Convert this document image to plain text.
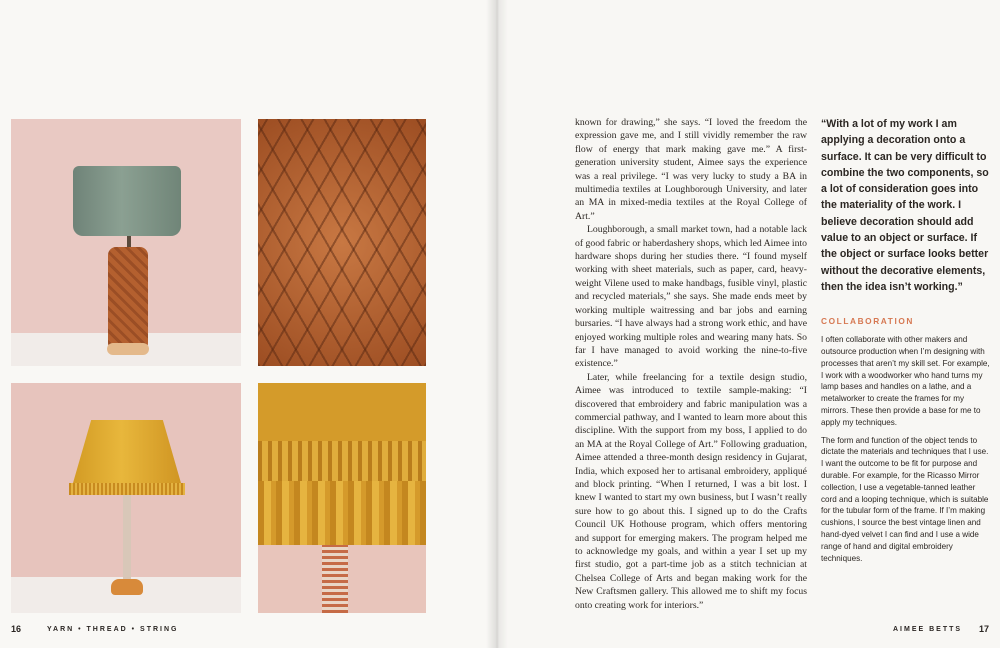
16	YARN • THREAD • STRING

known for drawing,” she says. “I loved the freedom the expression gave me, and I still vividly remember the raw flow of energy that mark making gave me.” A first-generation university student, Aimee says the experience was a real privilege. “I was very lucky to study a BA in multimedia textiles at Loughborough University, and later an MA in mixed-media textiles at the Royal College of Art.”

Loughborough, a small market town, had a notable lack of good fabric or haberdashery shops, which led Aimee into hardware shops during her studies there. “I found myself working with sheet materials, such as paper, card, heavy-weight Vilene used to make handbags, fusible vinyl, plastic and recycled materials,” she says. She made ends meet by working multiple waitressing and bar jobs and earning bursaries. “I have always had a strong work ethic, and have enjoyed working multiple roles and wearing many hats. So far I have managed to avoid working the nine-to-five existence.”

Later, while freelancing for a textile design studio, Aimee was introduced to textile sample-making: “I discovered that embroidery and fabric manipulation was a commercial pathway, and I wanted to learn more about this discipline. With the support from my boss, I applied to do an MA at the Royal College of Art.” Following graduation, Aimee attended a three-month design residency in Gujarat, India, which exposed her to artisanal embroidery, appliqué and block printing. “When I returned, I was a bit lost. I knew I wanted to start my own business, but I wasn’t really sure how to go about this. I signed up to do the Crafts Council UK Hothouse program, which offers mentoring and support for emerging makers. The program helped me to acknowledge my goals, and within a year I set up my first studio, got a part-time job as a stitch technician at Chelsea College of Arts and began making work for the New Craftsmen gallery. This allowed me to shift my focus onto creating work for interiors.”

“With a lot of my work I am applying a decoration onto a surface. It can be very difficult to combine the two components, so a lot of consideration goes into the materiality of the work. I believe decoration should add value to an object or surface. If the object or surface looks better without the decorative elements, then the idea isn’t working.”

COLLABORATION

I often collaborate with other makers and outsource production when I’m designing with processes that aren’t my skill set. For example, I work with a woodworker who hand turns my lamp bases and handles on a lathe, and a metalworker to create the frames for my mirrors. These then provide a base for me to apply my techniques.

The form and function of the object tends to dictate the materials and techniques that I use. I want the outcome to be fit for purpose and durable. For example, for the Ricasso Mirror collection, I use a vegetable-tanned leather cord and a looping technique, which is suitable for the tubular form of the frame. If I’m making cushions, I source the best vintage linen and hand-dyed velvet I can find and I use a wide range of hand and digital embroidery techniques.

AIMEE BETTS 17
